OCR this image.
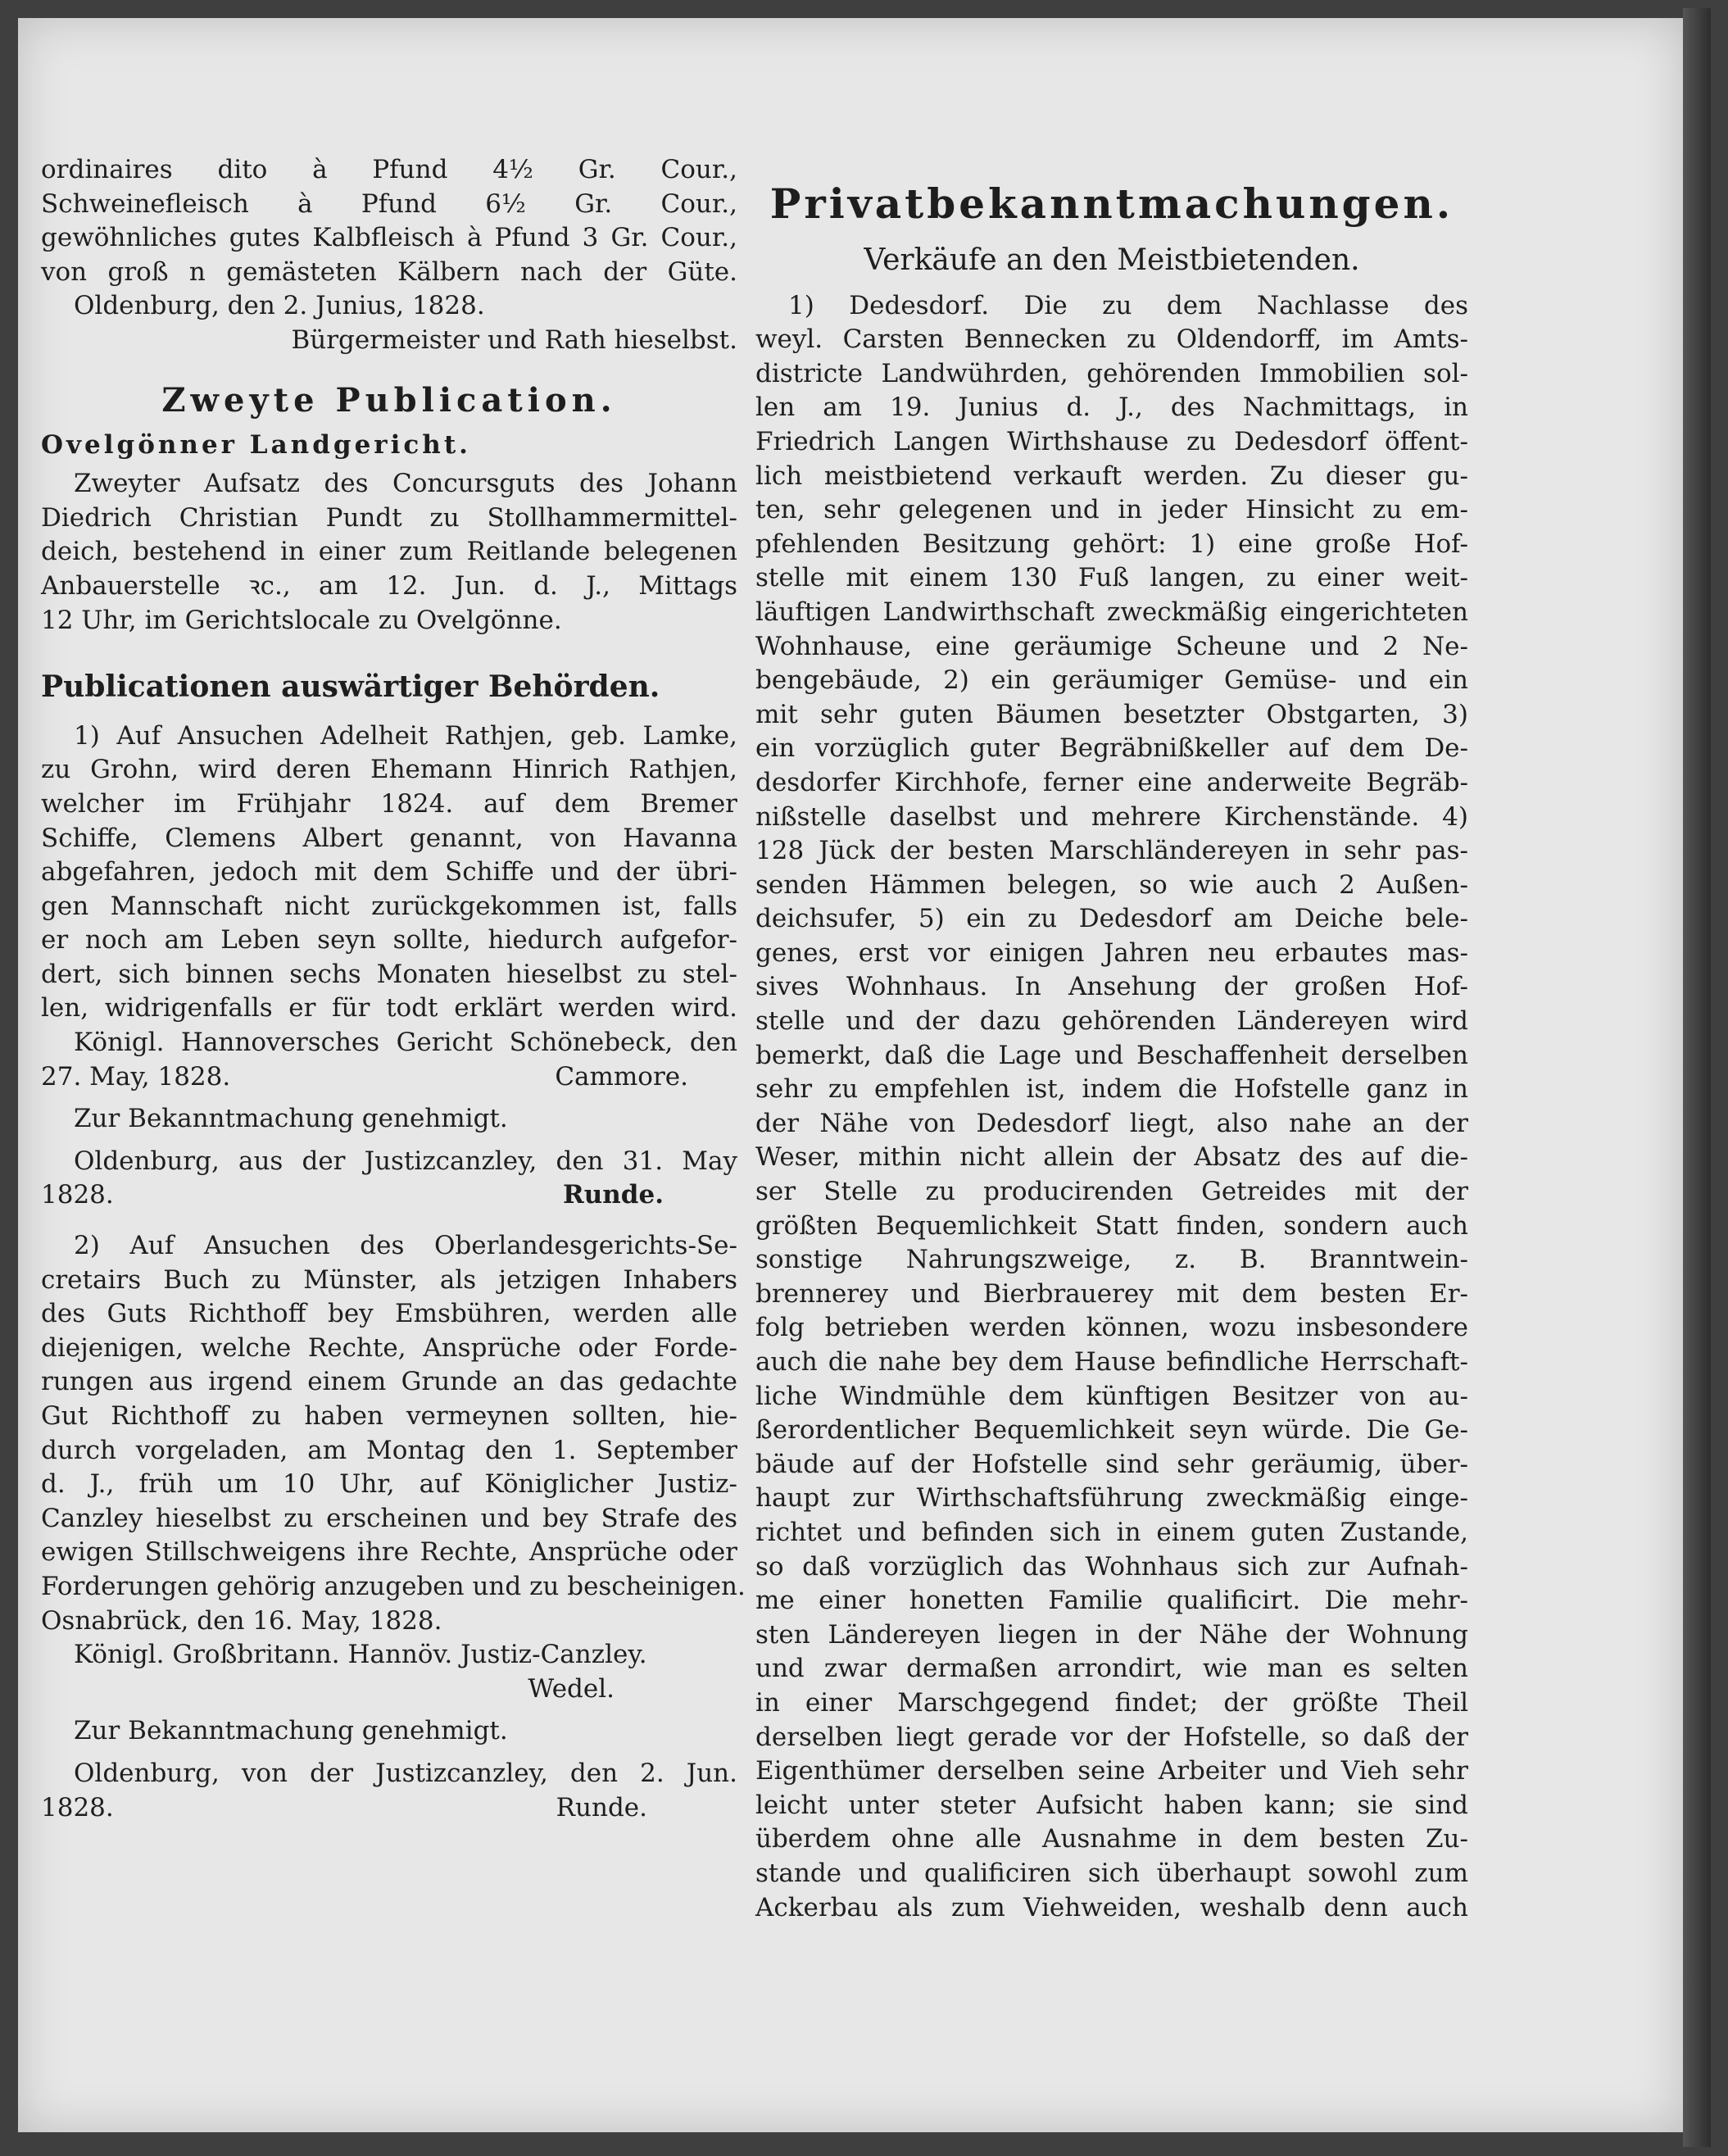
ordinaires dito à Pfund 4½ Gr. Cour.,
Schweinefleisch à Pfund 6½ Gr. Cour.,
gewöhnliches gutes Kalbfleisch à Pfund 3 Gr. Cour.,
von groß n gemästeten Kälbern nach der Güte.
Oldenburg, den 2. Junius, 1828.
Bürgermeister und Rath hieselbst.
Zweyte Publication.
Ovelgönner Landgericht.
Zweyter Aufsatz des Concursguts des Johann
Diedrich Christian Pundt zu Stollhammermittel-
deich, bestehend in einer zum Reitlande belegenen
Anbauerstelle ꝛc., am 12. Jun. d. J., Mittags
12 Uhr, im Gerichtslocale zu Ovelgönne.
Publicationen auswärtiger Behörden.
1) Auf Ansuchen Adelheit Rathjen, geb. Lamke,
zu Grohn, wird deren Ehemann Hinrich Rathjen,
welcher im Frühjahr 1824. auf dem Bremer
Schiffe, Clemens Albert genannt, von Havanna
abgefahren, jedoch mit dem Schiffe und der übri-
gen Mannschaft nicht zurückgekommen ist, falls
er noch am Leben seyn sollte, hiedurch aufgefor-
dert, sich binnen sechs Monaten hieselbst zu stel-
len, widrigenfalls er für todt erklärt werden wird.
Königl. Hannoversches Gericht Schönebeck, den
27. May, 1828.	Cammore.
Zur Bekanntmachung genehmigt.
Oldenburg, aus der Justizcanzley, den 31. May
1828.	Runde.
2) Auf Ansuchen des Oberlandesgerichts-Se-
cretairs Buch zu Münster, als jetzigen Inhabers
des Guts Richthoff bey Emsbühren, werden alle
diejenigen, welche Rechte, Ansprüche oder Forde-
rungen aus irgend einem Grunde an das gedachte
Gut Richthoff zu haben vermeynen sollten, hie-
durch vorgeladen, am Montag den 1. September
d. J., früh um 10 Uhr, auf Königlicher Justiz-
Canzley hieselbst zu erscheinen und bey Strafe des
ewigen Stillschweigens ihre Rechte, Ansprüche oder
Forderungen gehörig anzugeben und zu bescheinigen.
Osnabrück, den 16. May, 1828.
Königl. Großbritann. Hannöv. Justiz-Canzley.
Wedel.
Zur Bekanntmachung genehmigt.
Oldenburg, von der Justizcanzley, den 2. Jun.
1828.	Runde.
Privatbekanntmachungen.
Verkäufe an den Meistbietenden.
1) Dedesdorf. Die zu dem Nachlasse des
weyl. Carsten Bennecken zu Oldendorff, im Amts-
districte Landwührden, gehörenden Immobilien sol-
len am 19. Junius d. J., des Nachmittags, in
Friedrich Langen Wirthshause zu Dedesdorf öffent-
lich meistbietend verkauft werden. Zu dieser gu-
ten, sehr gelegenen und in jeder Hinsicht zu em-
pfehlenden Besitzung gehört: 1) eine große Hof-
stelle mit einem 130 Fuß langen, zu einer weit-
läuftigen Landwirthschaft zweckmäßig eingerichteten
Wohnhause, eine geräumige Scheune und 2 Ne-
bengebäude, 2) ein geräumiger Gemüse- und ein
mit sehr guten Bäumen besetzter Obstgarten, 3)
ein vorzüglich guter Begräbnißkeller auf dem De-
desdorfer Kirchhofe, ferner eine anderweite Begräb-
nißstelle daselbst und mehrere Kirchenstände. 4)
128 Jück der besten Marschländereyen in sehr pas-
senden Hämmen belegen, so wie auch 2 Außen-
deichsufer, 5) ein zu Dedesdorf am Deiche bele-
genes, erst vor einigen Jahren neu erbautes mas-
sives Wohnhaus. In Ansehung der großen Hof-
stelle und der dazu gehörenden Ländereyen wird
bemerkt, daß die Lage und Beschaffenheit derselben
sehr zu empfehlen ist, indem die Hofstelle ganz in
der Nähe von Dedesdorf liegt, also nahe an der
Weser, mithin nicht allein der Absatz des auf die-
ser Stelle zu producirenden Getreides mit der
größten Bequemlichkeit Statt finden, sondern auch
sonstige Nahrungszweige, z. B. Branntwein-
brennerey und Bierbrauerey mit dem besten Er-
folg betrieben werden können, wozu insbesondere
auch die nahe bey dem Hause befindliche Herrschaft-
liche Windmühle dem künftigen Besitzer von au-
ßerordentlicher Bequemlichkeit seyn würde. Die Ge-
bäude auf der Hofstelle sind sehr geräumig, über-
haupt zur Wirthschaftsführung zweckmäßig einge-
richtet und befinden sich in einem guten Zustande,
so daß vorzüglich das Wohnhaus sich zur Aufnah-
me einer honetten Familie qualificirt. Die mehr-
sten Ländereyen liegen in der Nähe der Wohnung
und zwar dermaßen arrondirt, wie man es selten
in einer Marschgegend findet; der größte Theil
derselben liegt gerade vor der Hofstelle, so daß der
Eigenthümer derselben seine Arbeiter und Vieh sehr
leicht unter steter Aufsicht haben kann; sie sind
überdem ohne alle Ausnahme in dem besten Zu-
stande und qualificiren sich überhaupt sowohl zum
Ackerbau als zum Viehweiden, weshalb denn auch
